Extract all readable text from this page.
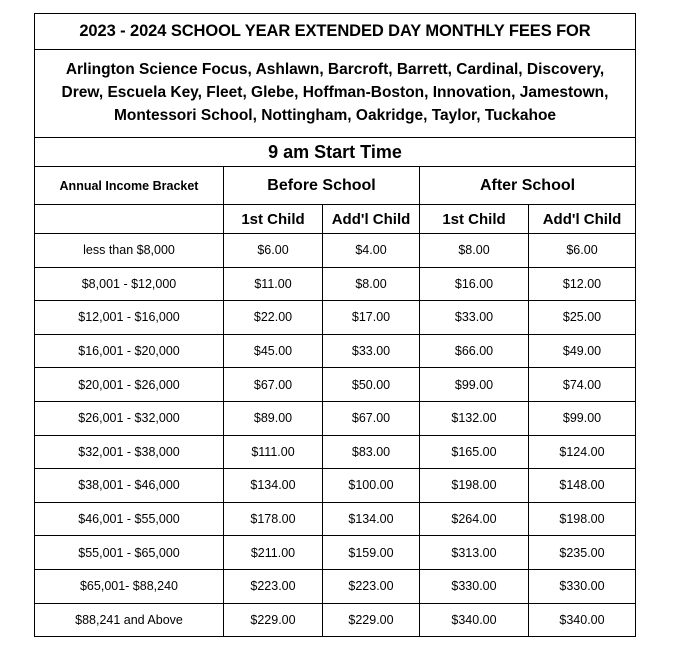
2023 - 2024 SCHOOL YEAR EXTENDED DAY MONTHLY FEES FOR				

Arlington Science Focus, Ashlawn, Barcroft, Barrett, Cardinal, Discovery,
Drew, Escuela Key, Fleet, Glebe, Hoffman-Boston, Innovation, Jamestown,
Montessori School, Nottingham, Oakridge, Taylor, Tuckahoe				

9 am Start Time				
Annual Income Bracket	Before School		After School	
	1st Child	Add'l Child	1st Child	Add'l Child
less than $8,000	$6.00	$4.00	$8.00	$6.00
$8,001 - $12,000	$11.00	$8.00	$16.00	$12.00
$12,001 - $16,000	$22.00	$17.00	$33.00	$25.00
$16,001 - $20,000	$45.00	$33.00	$66.00	$49.00
$20,001 - $26,000	$67.00	$50.00	$99.00	$74.00
$26,001 - $32,000	$89.00	$67.00	$132.00	$99.00
$32,001 - $38,000	$111.00	$83.00	$165.00	$124.00
$38,001 - $46,000	$134.00	$100.00	$198.00	$148.00
$46,001 - $55,000	$178.00	$134.00	$264.00	$198.00
$55,001 - $65,000	$211.00	$159.00	$313.00	$235.00
$65,001- $88,240	$223.00	$223.00	$330.00	$330.00
$88,241 and Above	$229.00	$229.00	$340.00	$340.00
